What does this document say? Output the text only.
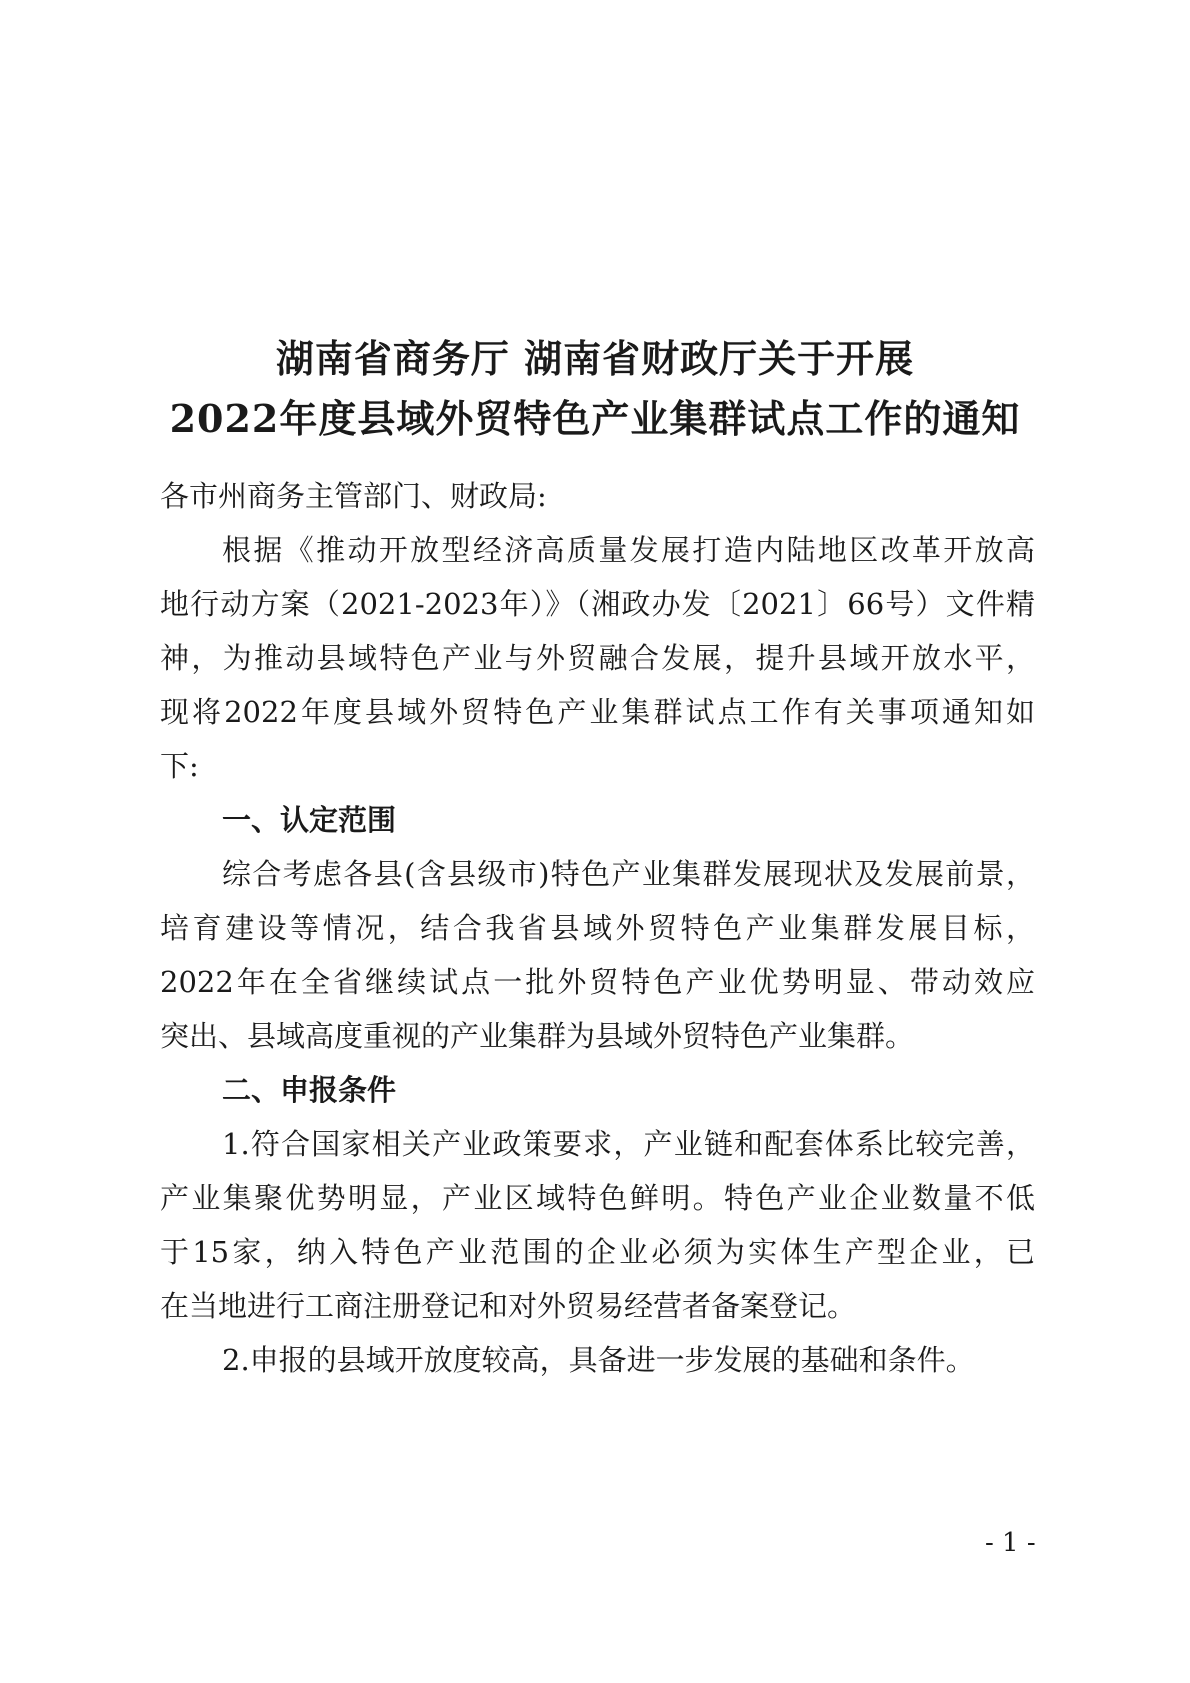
湖南省商务厅 湖南省财政厅关于开展
2022年度县域外贸特色产业集群试点工作的通知
各市州商务主管部门、财政局:
根据《推动开放型经济高质量发展打造内陆地区改革开放高
地行动方案（2021-2023年）》（湘政办发〔2021〕66号）文件精
神，为推动县域特色产业与外贸融合发展，提升县域开放水平，
现将2022年度县域外贸特色产业集群试点工作有关事项通知如
下:
一、认定范围
综合考虑各县(含县级市)特色产业集群发展现状及发展前景，
培育建设等情况，结合我省县域外贸特色产业集群发展目标，
2022年在全省继续试点一批外贸特色产业优势明显、带动效应
突出、县域高度重视的产业集群为县域外贸特色产业集群。
二、申报条件
1.符合国家相关产业政策要求，产业链和配套体系比较完善，
产业集聚优势明显，产业区域特色鲜明。特色产业企业数量不低
于15家，纳入特色产业范围的企业必须为实体生产型企业，已
在当地进行工商注册登记和对外贸易经营者备案登记。
2.申报的县域开放度较高，具备进一步发展的基础和条件。
- 1 -
